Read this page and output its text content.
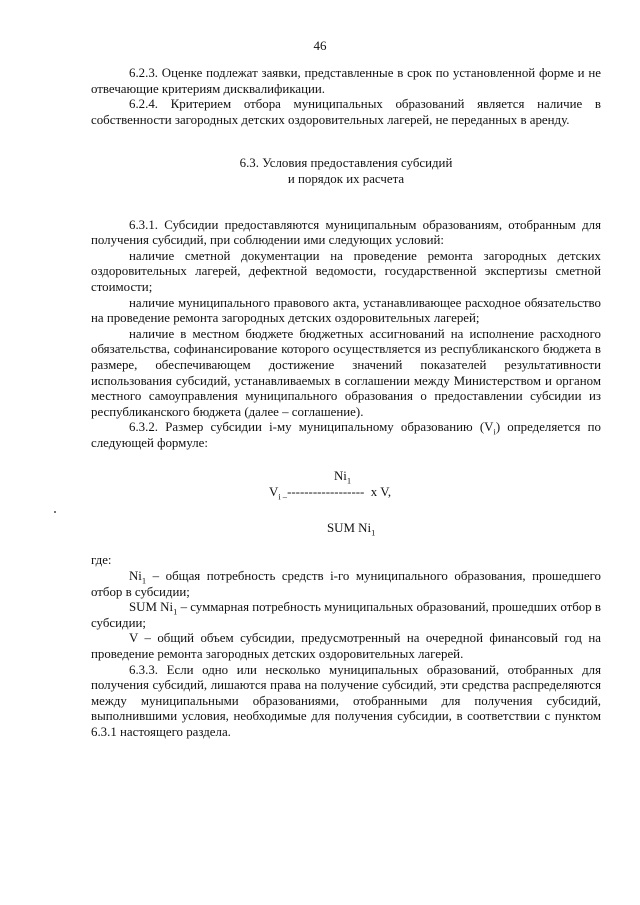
46

6.2.3. Оценке подлежат заявки, представленные в срок по установленной форме и не отвечающие критериям дисквалификации.

6.2.4. Критерием отбора муниципальных образований является наличие в собственности загородных детских оздоровительных лагерей, не переданных в аренду.

6.3. Условия предоставления субсидий
и порядок их расчета

6.3.1. Субсидии предоставляются муниципальным образованиям, отобранным для получения субсидий, при соблюдении ими следующих условий:

наличие сметной документации на проведение ремонта загородных детских оздоровительных лагерей, дефектной ведомости, государственной экспертизы сметной стоимости;

наличие муниципального правового акта, устанавливающее расходное обязательство на проведение ремонта загородных детских оздоровительных лагерей;

наличие в местном бюджете бюджетных ассигнований на исполнение расходного обязательства, софинансирование которого осуществляется из республиканского бюджета в размере, обеспечивающем достижение значений показателей результативности использования субсидий, устанавливаемых в соглашении между Министерством и органом местного самоуправления муниципального образования о предоставлении субсидии из республиканского бюджета (далее – соглашение).

6.3.2. Размер субсидии i-му муниципальному образованию $(V_i)$ определяется по следующей формуле:

$Ni_1$
$V_{i -}------------------$ x V,
SUM $Ni_1$

где:

$Ni_1$ – общая потребность средств i-го муниципального образования, прошедшего отбор в субсидии;

SUM $Ni_1$ – суммарная потребность муниципальных образований, прошедших отбор в субсидии;

V – общий объем субсидии, предусмотренный на очередной финансовый год на проведение ремонта загородных детских оздоровительных лагерей.

6.3.3. Если одно или несколько муниципальных образований, отобранных для получения субсидий, лишаются права на получение субсидий, эти средства распределяются между муниципальными образованиями, отобранными для получения субсидий, выполнившими условия, необходимые для получения субсидии, в соответствии с пунктом 6.3.1 настоящего раздела.
